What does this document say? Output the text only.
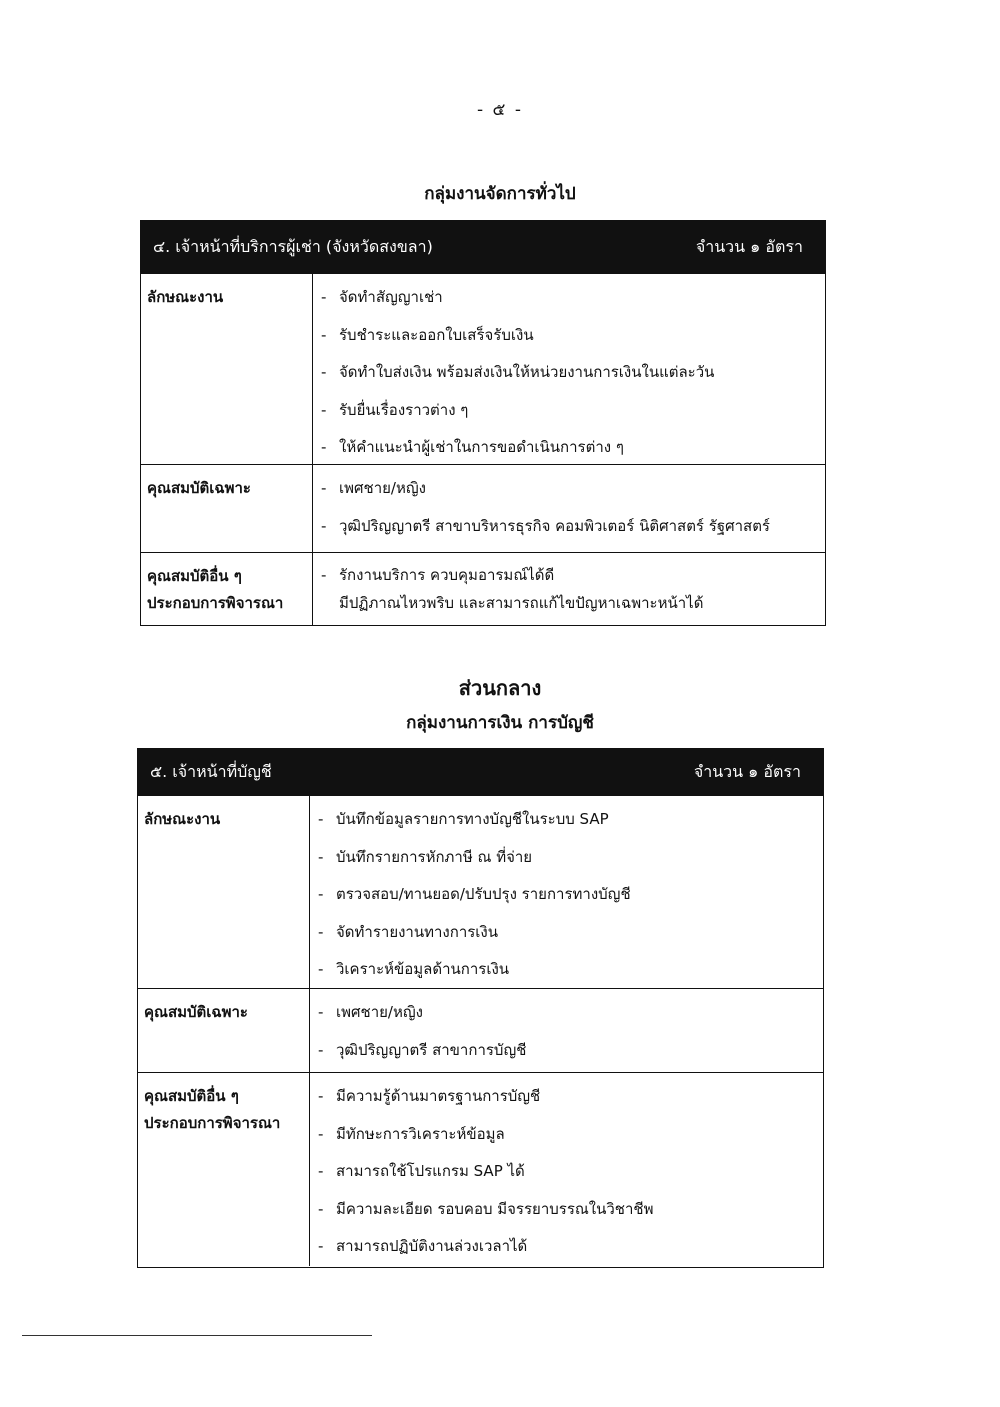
- ๕ -
กลุ่มงานจัดการทั่วไป
๔. เจ้าหน้าที่บริการผู้เช่า (จังหวัดสงขลา)	จำนวน ๑ อัตรา
ลักษณะงาน	- จัดทำสัญญาเช่า
- รับชำระและออกใบเสร็จรับเงิน
- จัดทำใบส่งเงิน พร้อมส่งเงินให้หน่วยงานการเงินในแต่ละวัน
- รับยื่นเรื่องราวต่าง ๆ
- ให้คำแนะนำผู้เช่าในการขอดำเนินการต่าง ๆ
คุณสมบัติเฉพาะ	- เพศชาย/หญิง
- วุฒิปริญญาตรี สาขาบริหารธุรกิจ คอมพิวเตอร์ นิติศาสตร์ รัฐศาสตร์
คุณสมบัติอื่น ๆ
ประกอบการพิจารณา
- รักงานบริการ ควบคุมอารมณ์ได้ดี
มีปฏิภาณไหวพริบ และสามารถแก้ไขปัญหาเฉพาะหน้าได้
ส่วนกลาง
กลุ่มงานการเงิน การบัญชี
๕. เจ้าหน้าที่บัญชี	จำนวน ๑ อัตรา
ลักษณะงาน	- บันทึกข้อมูลรายการทางบัญชีในระบบ SAP
- บันทึกรายการหักภาษี ณ ที่จ่าย
- ตรวจสอบ/ทานยอด/ปรับปรุง รายการทางบัญชี
- จัดทำรายงานทางการเงิน
- วิเคราะห์ข้อมูลด้านการเงิน
คุณสมบัติเฉพาะ	- เพศชาย/หญิง
- วุฒิปริญญาตรี สาขาการบัญชี
คุณสมบัติอื่น ๆ
ประกอบการพิจารณา
- มีความรู้ด้านมาตรฐานการบัญชี
- มีทักษะการวิเคราะห์ข้อมูล
- สามารถใช้โปรแกรม SAP ได้
- มีความละเอียด รอบคอบ มีจรรยาบรรณในวิชาชีพ
- สามารถปฏิบัติงานล่วงเวลาได้
